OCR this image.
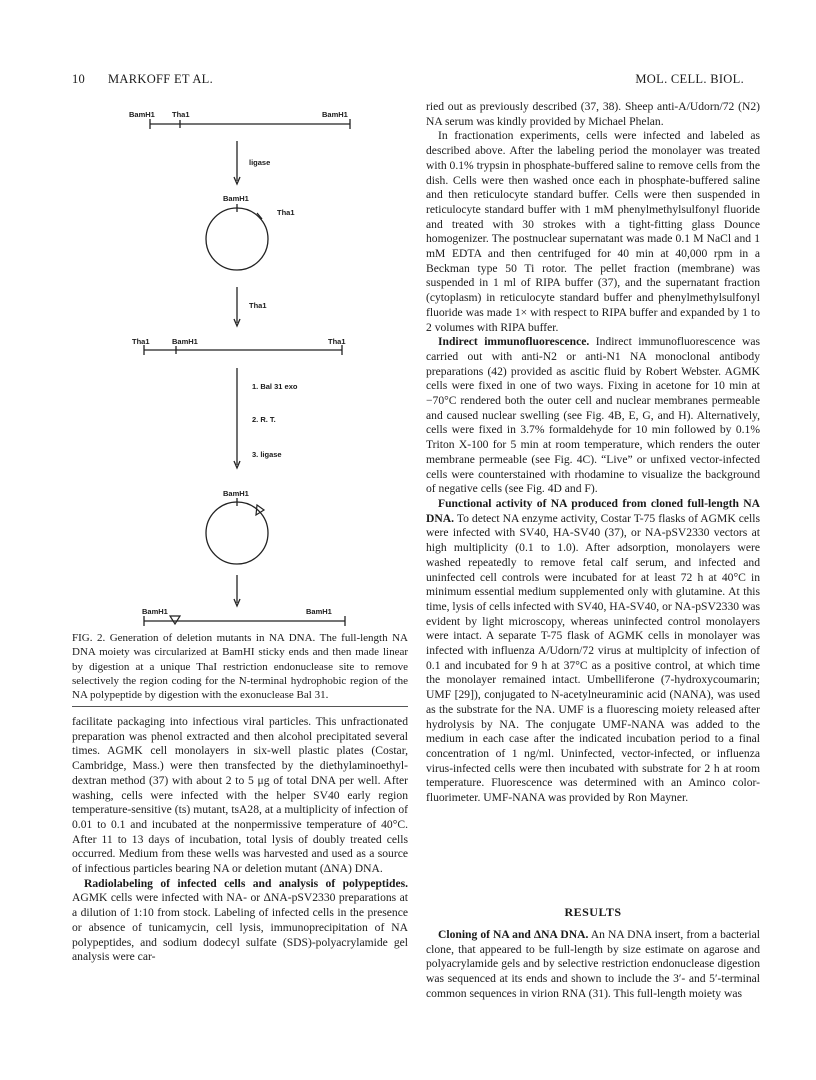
10 MARKOFF ET AL.	MOL. CELL. BIOL.
BamH1 Tha1	BamH1
ligase
BamH1
Tha1
Tha1
Tha1	BamH1	Tha1
1. Bal 31 exo
2. R. T.
3. ligase
BamH1
BamH1	BamH1
FIG. 2. Generation of deletion mutants in NA DNA. The full-length NA DNA moiety was circularized at BamHI sticky ends and then made linear by digestion at a unique ThaI restriction endonuclease site to remove selectively the region coding for the N-terminal hydrophobic region of the NA polypeptide by digestion with the exonuclease Bal 31.

facilitate packaging into infectious viral particles. This unfractionated preparation was phenol extracted and then alcohol precipitated several times. AGMK cell monolayers in six-well plastic plates (Costar, Cambridge, Mass.) were then transfected by the diethylaminoethyl-dextran method (37) with about 2 to 5 μg of total DNA per well. After washing, cells were infected with the helper SV40 early region temperature-sensitive (ts) mutant, tsA28, at a multiplicity of infection of 0.01 to 0.1 and incubated at the nonpermissive temperature of 40°C. After 11 to 13 days of incubation, total lysis of doubly treated cells occurred. Medium from these wells was harvested and used as a source of infectious particles bearing NA or deletion mutant (ΔNA) DNA.

Radiolabeling of infected cells and analysis of polypeptides. AGMK cells were infected with NA- or ΔNA-pSV2330 preparations at a dilution of 1:10 from stock. Labeling of infected cells in the presence or absence of tunicamycin, cell lysis, immunoprecipitation of NA polypeptides, and sodium dodecyl sulfate (SDS)-polyacrylamide gel analysis were car-

ried out as previously described (37, 38). Sheep anti-A/Udorn/72 (N2) NA serum was kindly provided by Michael Phelan.

In fractionation experiments, cells were infected and labeled as described above. After the labeling period the monolayer was treated with 0.1% trypsin in phosphate-buffered saline to remove cells from the dish. Cells were then washed once each in phosphate-buffered saline and then reticulocyte standard buffer. Cells were then suspended in reticulocyte standard buffer with 1 mM phenylmethylsulfonyl fluoride and treated with 30 strokes with a tight-fitting glass Dounce homogenizer. The postnuclear supernatant was made 0.1 M NaCl and 1 mM EDTA and then centrifuged for 40 min at 40,000 rpm in a Beckman type 50 Ti rotor. The pellet fraction (membrane) was suspended in 1 ml of RIPA buffer (37), and the supernatant fraction (cytoplasm) in reticulocyte standard buffer and phenylmethylsulfonyl fluoride was made 1× with respect to RIPA buffer and expanded by 1 to 2 volumes with RIPA buffer.

Indirect immunofluorescence. Indirect immunofluorescence was carried out with anti-N2 or anti-N1 NA monoclonal antibody preparations (42) provided as ascitic fluid by Robert Webster. AGMK cells were fixed in one of two ways. Fixing in acetone for 10 min at −70°C rendered both the outer cell and nuclear membranes permeable and caused nuclear swelling (see Fig. 4B, E, G, and H). Alternatively, cells were fixed in 3.7% formaldehyde for 10 min followed by 0.1% Triton X-100 for 5 min at room temperature, which renders the outer membrane permeable (see Fig. 4C). “Live” or unfixed vector-infected cells were counterstained with rhodamine to visualize the background of negative cells (see Fig. 4D and F).

Functional activity of NA produced from cloned full-length NA DNA. To detect NA enzyme activity, Costar T-75 flasks of AGMK cells were infected with SV40, HA-SV40 (37), or NA-pSV2330 vectors at high multiplicity (0.1 to 1.0). After adsorption, monolayers were washed repeatedly to remove fetal calf serum, and infected and uninfected cell controls were incubated for at least 72 h at 40°C in minimum essential medium supplemented only with glutamine. At this time, lysis of cells infected with SV40, HA-SV40, or NA-pSV2330 was evident by light microscopy, whereas uninfected control monolayers were intact. A separate T-75 flask of AGMK cells in monolayer was infected with influenza A/Udorn/72 virus at multiplcity of infection of 0.1 and incubated for 9 h at 37°C as a positive control, at which time the monolayer remained intact. Umbelliferone (7-hydroxycoumarin; UMF [29]), conjugated to N-acetylneuraminic acid (NANA), was used as the substrate for the NA. UMF is a fluorescing moiety released after hydrolysis by NA. The conjugate UMF-NANA was added to the medium in each case after the indicated incubation period to a final concentration of 1 ng/ml. Uninfected, vector-infected, or influenza virus-infected cells were then incubated with substrate for 2 h at room temperature. Fluorescence was determined with an Aminco color-fluorimeter. UMF-NANA was provided by Ron Mayner.

RESULTS

Cloning of NA and ΔNA DNA. An NA DNA insert, from a bacterial clone, that appeared to be full-length by size estimate on agarose and polyacrylamide gels and by selective restriction endonuclease digestion was sequenced at its ends and shown to include the 3′- and 5′-terminal common sequences in virion RNA (31). This full-length moiety was
